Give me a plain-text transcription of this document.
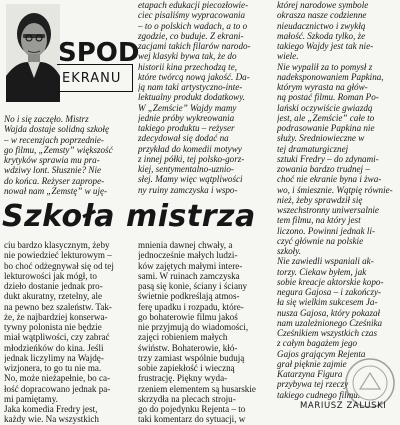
SPOD
EKRANU

No i się zaczęło. Mistrz

Wajda dostaje solidną szkołę

– w recenzjach poprzednie-

go filmu, „Zemsty” większość

krytyków sprawia mu pra-

wdziwy lont. Słusznie? Nie

do końca. Reżyser zaprope-

nował nam „Zemstę” w uję-

Szkoła mistrza

ciu bardzo klasycznym, żeby

nie powiedzieć lekturowym –

bo choć odżegnywał się od tej

lekturowości jak mógł, to

dzieło dostanie jednak pro-

dukt akuratny, rzetelny, ale

na pewno bez szaleństw. Tak-

że, że najbardziej konserwa-

tywny polonista nie będzie

miał wątpliwości, czy zabrać

młodzieńków do kina. Jeśli

jednak liczylimy na Wajdę-

wizjonera, to go tu nie ma.

No, może nieżapełnie, bo ca-

łość dopracowano jednak pa-

mi pamiętamy.

Jaka komedia Fredry jest,

każdy wie. Na wszystkich

etapach edukacji piecozłowie-

ciec pisaliśmy wypracowania

– to o polskich wadach, a to o

zgodzie, co buduje. Z ekrani-

zacjami takich filarów narodo-

wej klasyki bywa tak, że do

historii kina przechodzą te,

które twórcą nową jakość. Da-

ją nam taki artystyczno-inte-

lektualny produkt dodatkowy.

W „Zemście” Wajdy mamy

jednie próby wykreowania

takiego produktu – reżyser

zdecydował się dodać na

przykład do komedii motywy

z innej półki, tej polsko-gorz-

kiej, sentymentalno-uznio-

słej. Mamy więc wątpliwości

ny ruiny zamczyska i wspo-

mnienia dawnej chwały, a

jednocześnie małych ludzi-

ków zajętych małymi intere-

sami. W ruinach zamczyska

pasą się konie, ściany i ściany

świetnie podkreślają atmos-

ferę upadku i rozpadu, które-

go bohaterowie filmu jakoś

nie przyjmują do wiadomości,

zajęci robieniem małych

świństw. Bohaterowie, kłó-

trzy zamiast wspólnie budują

sobie zapiekłość i wieczną

frustrację. Piękny wyda-

rzeniem elementem są husarskie

skrzydła na plecach stroju-

go do pojedynku Rejenta – to

taki komentarz do sytuacji, w

której narodowe symbole

okrasza nasze codzienne

nieudacznictwo i zwykłą

małość. Szkoda tylko, że

takiego Wajdy jest tak nie-

wiele.

Nie wypalił za to pomysł z

nadeksponowaniem Papkina,

którym wyrasta na głów-

ną postać filmu. Roman Po-

lański oczywiście gwiazdą

jest, ale „Zemście” całe to

podrasowanie Papkina nie

służy. Sredniowieczne w

tej dramaturgicznej

sztuki Fredry – do zdynami-

zowania bardzo trudnej –

choć nie ekranie byna i żwa-

wo, i śmiesznie. Wątpię równie-

nież, żeby sprawdził się

wszechstronny uniwersalnie

tem filmu, na który jest

liczono. Powinni jednak li-

czyć głównie na polskie

szkoły.

Nie zawiedli wspaniali ak-

torzy. Ciekaw byłem, jak

sobie kreacje aktorskie kopo-

negura Gajosa – i zakończy-

ła się wielkim sukcesem Ja-

nusza Gajosa, który pokazał

nam uzależnionego Cześnika

Cześnikiem wszystkich czas

z całym bagażem jego

Gajos grającym Rejenta

grał pięknie zajmie

Katarzyna Figura

przybywa tej rzeczy

takiego cudnego filmu.

MARIUSZ ZALUSKI
